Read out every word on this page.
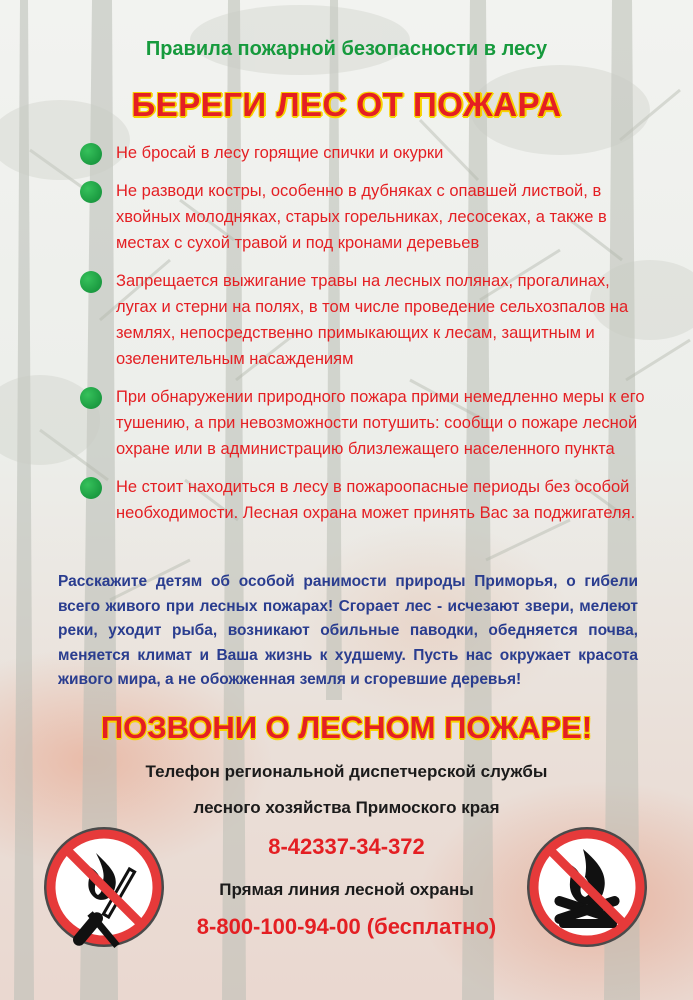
Правила пожарной безопасности в лесу
БЕРЕГИ ЛЕС ОТ ПОЖАРА
Не бросай в лесу горящие спички и окурки
Не разводи костры, особенно в дубняках с опавшей листвой, в хвойных молодняках, старых горельниках, лесосеках, а также в местах с сухой травой и под кронами деревьев
Запрещается выжигание травы на лесных полянах, прогалинах, лугах и стерни на полях, в том числе проведение сельхозпалов на землях, непосредственно примыкающих к лесам, защитным и озеленительным насаждениям
При обнаружении природного пожара прими немедленно меры к его тушению, а при невозможности потушить: сообщи о пожаре лесной охране или в администрацию близлежащего населенного пункта
Не стоит находиться в лесу в пожароопасные периоды без особой необходимости. Лесная охрана может принять Вас за поджигателя.
Расскажите детям об особой ранимости природы Приморья, о гибели всего живого при лесных пожарах! Сгорает лес - исчезают звери, мелеют реки, уходит рыба, возникают обильные паводки, обедняется почва, меняется климат и Ваша жизнь к худшему. Пусть нас окружает красота живого мира, а не обожженная земля и сгоревшие деревья!
ПОЗВОНИ О ЛЕСНОМ ПОЖАРЕ!
Телефон региональной диспетчерской службы
лесного хозяйства Примоского края
8-42337-34-372
Прямая линия лесной охраны
8-800-100-94-00 (бесплатно)
